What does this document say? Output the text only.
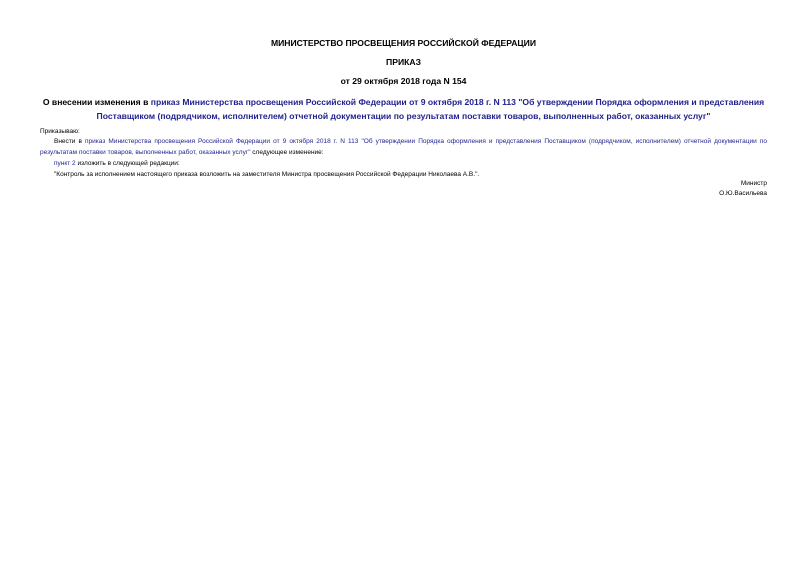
МИНИСТЕРСТВО ПРОСВЕЩЕНИЯ РОССИЙСКОЙ ФЕДЕРАЦИИ
ПРИКАЗ
от 29 октября 2018 года N 154
О внесении изменения в приказ Министерства просвещения Российской Федерации от 9 октября 2018 г. N 113 "Об утверждении Порядка оформления и представления Поставщиком (подрядчиком, исполнителем) отчетной документации по результатам поставки товаров, выполненных работ, оказанных услуг"
Приказываю:
Внести в приказ Министерства просвещения Российской Федерации от 9 октября 2018 г. N 113 "Об утверждении Порядка оформления и представления Поставщиком (подрядчиком, исполнителем) отчетной документации по результатам поставки товаров, выполненных работ, оказанных услуг" следующее изменение:
пункт 2 изложить в следующей редакции:
"Контроль за исполнением настоящего приказа возложить на заместителя Министра просвещения Российской Федерации Николаева А.В.".
Министр
О.Ю.Васильева
